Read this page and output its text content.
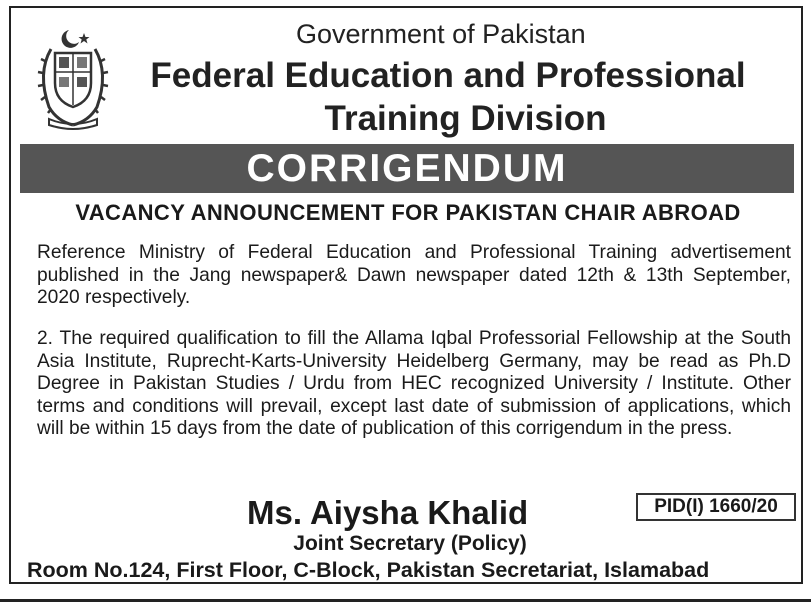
Government of Pakistan
Federal Education and Professional
Training Division
CORRIGENDUM
VACANCY ANNOUNCEMENT FOR PAKISTAN CHAIR ABROAD
Reference Ministry of Federal Education and Professional Training advertisement published in the Jang newspaper& Dawn newspaper dated 12th & 13th September, 2020 respectively.
2. The required qualification to fill the Allama Iqbal Professorial Fellowship at the South Asia Institute, Ruprecht-Karts-University Heidelberg Germany, may be read as Ph.D Degree in Pakistan Studies / Urdu from HEC recognized University / Institute. Other terms and conditions will prevail, except last date of submission of applications, which will be within 15 days from the date of publication of this corrigendum in the press.
Ms. Aiysha Khalid	PID(I) 1660/20
Joint Secretary (Policy)
Room No.124, First Floor, C-Block, Pakistan Secretariat, Islamabad
